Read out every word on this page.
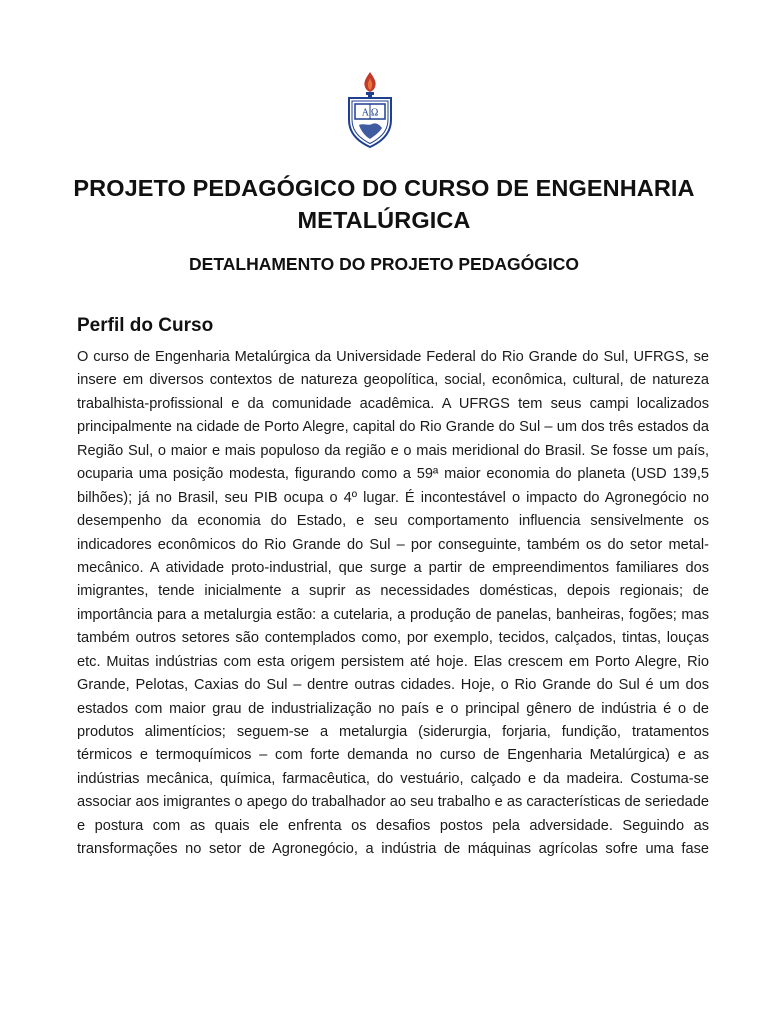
A Ω
PROJETO PEDAGÓGICO DO CURSO DE ENGENHARIA METALÚRGICA
DETALHAMENTO DO PROJETO PEDAGÓGICO
Perfil do Curso

O curso de Engenharia Metalúrgica da Universidade Federal do Rio Grande do Sul, UFRGS, se insere em diversos contextos de natureza geopolítica, social, econômica, cultural, de natureza trabalhista-profissional e da comunidade acadêmica. A UFRGS tem seus campi localizados principalmente na cidade de Porto Alegre, capital do Rio Grande do Sul – um dos três estados da Região Sul, o maior e mais populoso da região e o mais meridional do Brasil. Se fosse um país, ocuparia uma posição modesta, figurando como a 59ª maior economia do planeta (USD 139,5 bilhões); já no Brasil, seu PIB ocupa o 4º lugar. É incontestável o impacto do Agronegócio no desempenho da economia do Estado, e seu comportamento influencia sensivelmente os indicadores econômicos do Rio Grande do Sul – por conseguinte, também os do setor metal-mecânico. A atividade proto-industrial, que surge a partir de empreendimentos familiares dos imigrantes, tende inicialmente a suprir as necessidades domésticas, depois regionais; de importância para a metalurgia estão: a cutelaria, a produção de panelas, banheiras, fogões; mas também outros setores são contemplados como, por exemplo, tecidos, calçados, tintas, louças etc. Muitas indústrias com esta origem persistem até hoje. Elas crescem em Porto Alegre, Rio Grande, Pelotas, Caxias do Sul – dentre outras cidades. Hoje, o Rio Grande do Sul é um dos estados com maior grau de industrialização no país e o principal gênero de indústria é o de produtos alimentícios; seguem-se a metalurgia (siderurgia, forjaria, fundição, tratamentos térmicos e termoquímicos – com forte demanda no curso de Engenharia Metalúrgica) e as indústrias mecânica, química, farmacêutica, do vestuário, calçado e da madeira. Costuma-se associar aos imigrantes o apego do trabalhador ao seu trabalho e as características de seriedade e postura com as quais ele enfrenta os desafios postos pela adversidade. Seguindo as transformações no setor de Agronegócio, a indústria de máquinas agrícolas sofre uma fase
